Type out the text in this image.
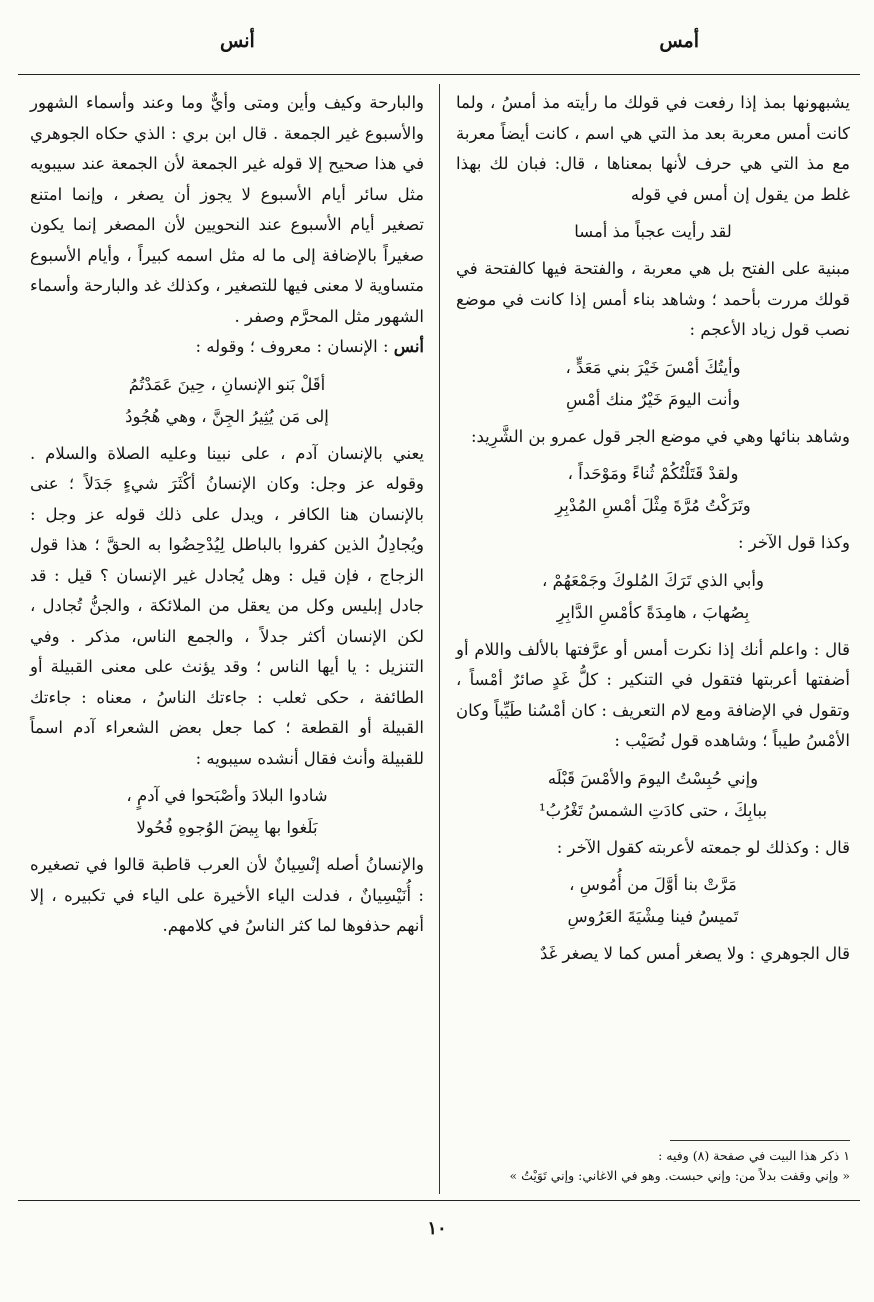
أمس
أنس

يشبهونها بمذ إذا رفعت في قولك ما رأيته مذ أمسُ ، ولما كانت أمس معربة بعد مذ التي هي اسم ، كانت أيضاً معربة مع مذ التي هي حرف لأنها بمعناها ، قال: فبان لك بهذا غلط من يقول إن أمس في قوله

لقد رأيت عجباً مذ أمسا

مبنية على الفتح بل هي معربة ، والفتحة فيها كالفتحة في قولك مررت بأحمد ؛ وشاهد بناء أمس إذا كانت في موضع نصب قول زياد الأعجم :

وأيتُكَ أمْسَ خَيْرَ بني مَعَدٍّ ،
وأنت اليومَ خَيْرٌ منك أمْسِ

وشاهد بنائها وهي في موضع الجر قول عمرو بن الشَّرِيد:

ولقدْ قَتَلْتُكُمْ ثُناءً ومَوْحَداً ،
وتَرَكْتُ مُرَّةَ مِثْلَ أمْسِ المُدْبِرِ

وكذا قول الآخر :

وأبي الذي تَرَكَ المُلوكَ وجَمْعَهُمْ ،
بِصُهابَ ، هامِدَةً كأمْسِ الدَّابِرِ

قال : واعلم أنك إذا نكرت أمس أو عرَّفتها بالألف واللام أو أضفتها أعربتها فتقول في التنكير : كلُّ غَدٍ صائرٌ أمْساً ، وتقول في الإضافة ومع لام التعريف : كان أمْسُنا طَيِّباً وكان الأمْسُ طيباً ؛ وشاهده قول نُصَيْب :

وإني حُبِسْتُ اليومَ والأمْسَ قَبْلَه
ببابِكَ ، حتى كادَتِ الشمسُ تَغْرُبُ¹

قال : وكذلك لو جمعته لأعربته كقول الآخر :

مَرَّتْ بنا أوَّلَ من أُمُوسِ ،
تَميسُ فينا مِشْيَةَ العَرُوسِ

قال الجوهري : ولا يصغر أمس كما لا يصغر غَدٌ

والبارحة وكيف وأين ومتى وأيٌّ وما وعند وأسماء الشهور والأسبوع غير الجمعة . قال ابن بري : الذي حكاه الجوهري في هذا صحيح إلا قوله غير الجمعة لأن الجمعة عند سيبويه مثل سائر أيام الأسبوع لا يجوز أن يصغر ، وإنما امتنع تصغير أيام الأسبوع عند النحويين لأن المصغر إنما يكون صغيراً بالإضافة إلى ما له مثل اسمه كبيراً ، وأيام الأسبوع متساوية لا معنى فيها للتصغير ، وكذلك غد والبارحة وأسماء الشهور مثل المحرَّم وصفر .

أنس : الإنسان : معروف ؛ وقوله :

أقَلْ بَنو الإنسانِ ، حِينَ عَمَدْتُمُ
إلى مَن يُثِيرُ الجِنَّ ، وهي هُجُودُ

يعني بالإنسان آدم ، على نبينا وعليه الصلاة والسلام . وقوله عز وجل: وكان الإنسانُ أكْثَرَ شيءٍ جَدَلاً ؛ عنى بالإنسان هنا الكافر ، ويدل على ذلك قوله عز وجل : ويُجادِلُ الذين كفروا بالباطل لِيُدْحِضُوا به الحقَّ ؛ هذا قول الزجاج ، فإن قيل : وهل يُجادل غير الإنسان ؟ قيل : قد جادل إبليس وكل من يعقل من الملائكة ، والجنُّ تُجادل ، لكن الإنسان أكثر جدلاً ، والجمع الناس، مذكر . وفي التنزيل : يا أيها الناس ؛ وقد يؤنث على معنى القبيلة أو الطائفة ، حكى ثعلب : جاءتك الناسُ ، معناه : جاءتك القبيلة أو القطعة ؛ كما جعل بعض الشعراء آدم اسماً للقبيلة وأنث فقال أنشده سيبويه :

شادوا البلادَ وأصْبَحوا في آدمٍ ،
بَلَغوا بها بِيضَ الوُجوهِ فُحُولا

والإنسانُ أصله إنْسِيانٌ لأن العرب قاطبة قالوا في تصغيره : أُنَيْسِيانٌ ، فدلت الياء الأخيرة على الياء في تكبيره ، إلا أنهم حذفوها لما كثر الناسُ في كلامهم.

١ ذكر هذا البيت في صفحة (٨) وفيه :
« وإني وقفت بدلاً من: وإني حبست. وهو في الاغاني: وإني تَوَيْتُ »
١٠
